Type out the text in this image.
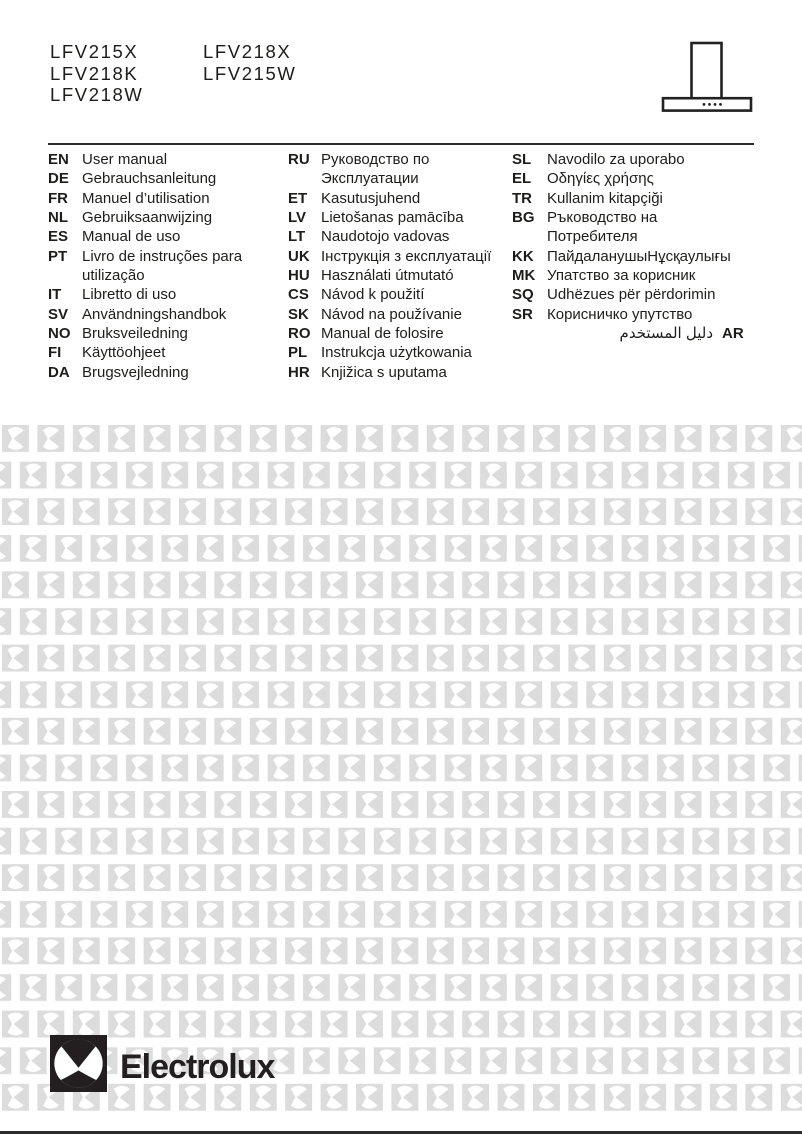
LFV215X
LFV218K
LFV218W
LFV218X
LFV215W
EN User manual
DE Gebrauchsanleitung
FR Manuel d’utilisation
NL Gebruiksaanwijzing
ES Manual de uso
PT Livro de instruções para
utilização
IT	Libretto di uso
SV Användningshandbok
NO Bruksveiledning
FI	Käyttöohjeet
DA Brugsvejledning
RU Руководство по
Эксплуатации
ET Kasutusjuhend
LV Lietošanas pamācība
LT	Naudotojo vadovas
UK Інструкція з експлуатації
HU Használati útmutató
CS Návod k použití
SK Návod na používanie
RO Manual de folosire
PL Instrukcja użytkowania
HR Knjižica s uputama
SL	Navodilo za uporabo
EL	Οδηγίες χρήσης
TR	Kullanim kitapçiği
BG Ръководство на
Потребителя
KK ПайдаланушыНұсқаулығы
MK Упатство за корисник
SQ Udhëzues për përdorimin
SR Корисничко упутство
AR
دليل المستخدم
Electrolux
